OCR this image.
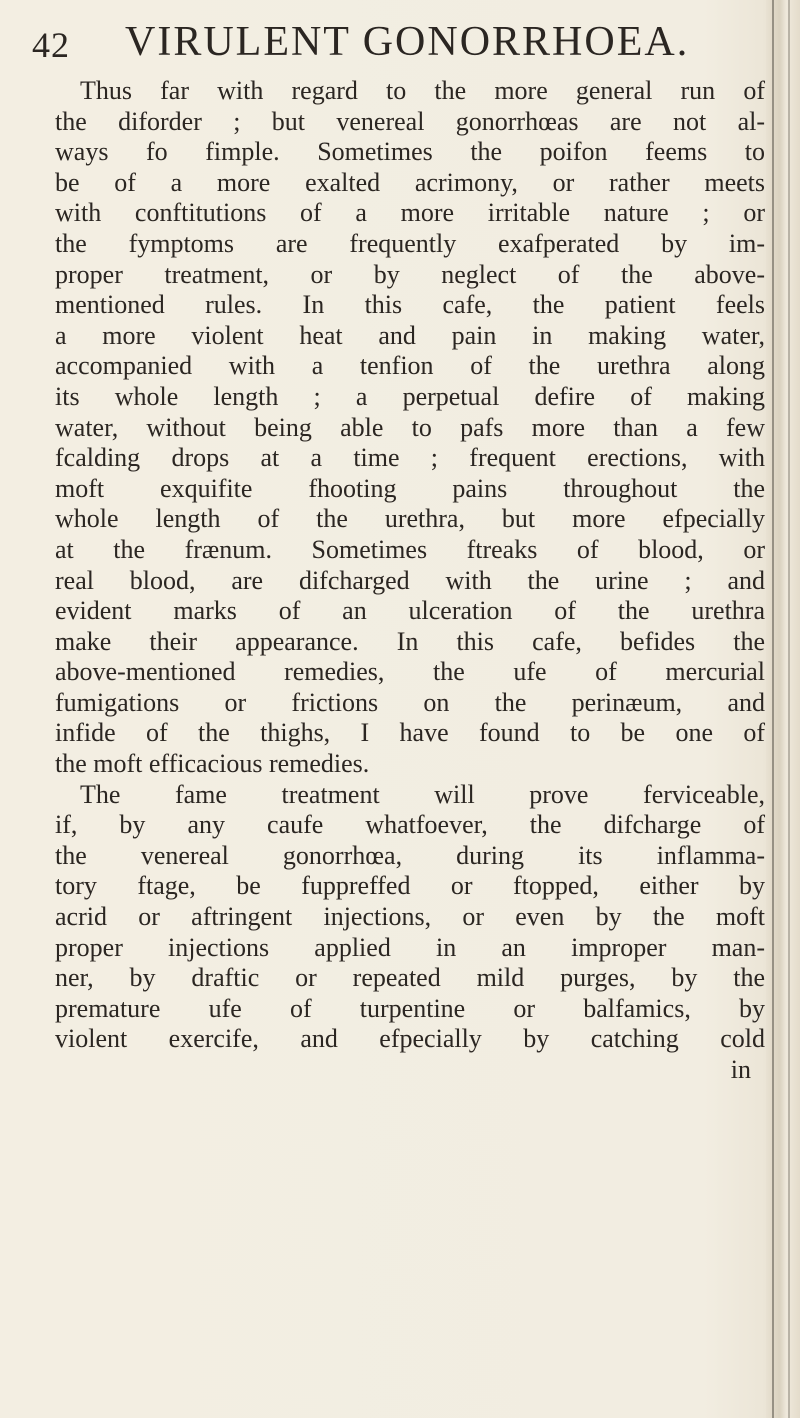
42 VIRULENT GONORRHOEA.
Thus far with regard to the more general run of
the diforder ; but venereal gonorrhœas are not al-
ways fo fimple. Sometimes the poifon feems to
be of a more exalted acrimony, or rather meets
with conftitutions of a more irritable nature ; or
the fymptoms are frequently exafperated by im-
proper treatment, or by neglect of the above-
mentioned rules. In this cafe, the patient feels
a more violent heat and pain in making water,
accompanied with a tenfion of the urethra along
its whole length ; a perpetual defire of making
water, without being able to pafs more than a few
fcalding drops at a time ; frequent erections, with
moft exquifite fhooting pains throughout the
whole length of the urethra, but more efpecially
at the frænum. Sometimes ftreaks of blood, or
real blood, are difcharged with the urine ; and
evident marks of an ulceration of the urethra
make their appearance. In this cafe, befides the
above-mentioned remedies, the ufe of mercurial
fumigations or frictions on the perinæum, and
infide of the thighs, I have found to be one of
the moft efficacious remedies.
The fame treatment will prove ferviceable,
if, by any caufe whatfoever, the difcharge of
the venereal gonorrhœa, during its inflamma-
tory ftage, be fuppreffed or ftopped, either by
acrid or aftringent injections, or even by the moft
proper injections applied in an improper man-
ner, by draftic or repeated mild purges, by the
premature ufe of turpentine or balfamics, by
violent exercife, and efpecially by catching cold
in
